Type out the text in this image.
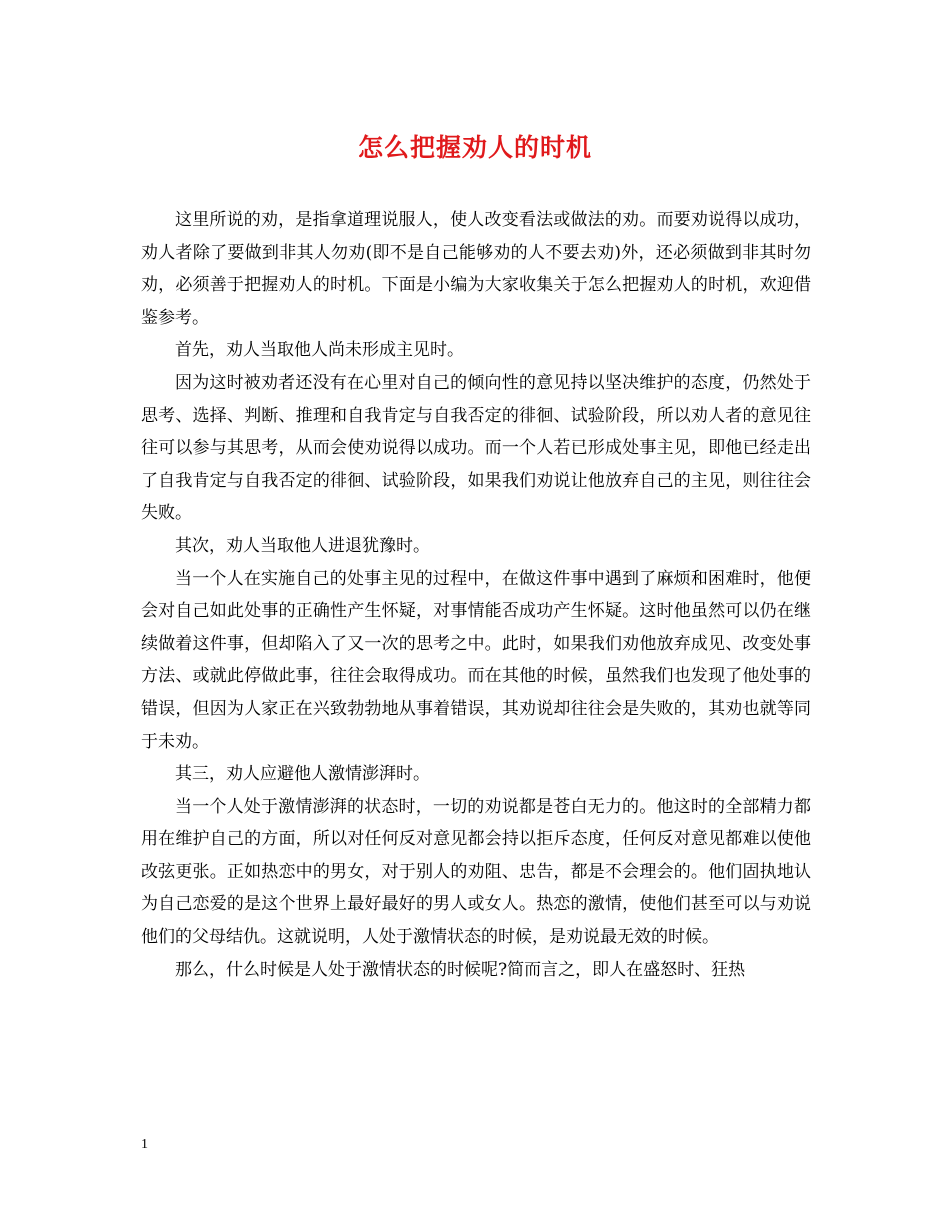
怎么把握劝人的时机

这里所说的劝，是指拿道理说服人，使人改变看法或做法的劝。而要劝说得以成功，劝人者除了要做到非其人勿劝(即不是自己能够劝的人不要去劝)外，还必须做到非其时勿劝，必须善于把握劝人的时机。下面是小编为大家收集关于怎么把握劝人的时机，欢迎借鉴参考。

首先，劝人当取他人尚未形成主见时。

因为这时被劝者还没有在心里对自己的倾向性的意见持以坚决维护的态度，仍然处于思考、选择、判断、推理和自我肯定与自我否定的徘徊、试验阶段，所以劝人者的意见往往可以参与其思考，从而会使劝说得以成功。而一个人若已形成处事主见，即他已经走出了自我肯定与自我否定的徘徊、试验阶段，如果我们劝说让他放弃自己的主见，则往往会失败。

其次，劝人当取他人进退犹豫时。

当一个人在实施自己的处事主见的过程中，在做这件事中遇到了麻烦和困难时，他便会对自己如此处事的正确性产生怀疑，对事情能否成功产生怀疑。这时他虽然可以仍在继续做着这件事，但却陷入了又一次的思考之中。此时，如果我们劝他放弃成见、改变处事方法、或就此停做此事，往往会取得成功。而在其他的时候，虽然我们也发现了他处事的错误，但因为人家正在兴致勃勃地从事着错误，其劝说却往往会是失败的，其劝也就等同于未劝。

其三，劝人应避他人激情澎湃时。

当一个人处于激情澎湃的状态时，一切的劝说都是苍白无力的。他这时的全部精力都用在维护自己的方面，所以对任何反对意见都会持以拒斥态度，任何反对意见都难以使他改弦更张。正如热恋中的男女，对于别人的劝阻、忠告，都是不会理会的。他们固执地认为自己恋爱的是这个世界上最好最好的男人或女人。热恋的激情，使他们甚至可以与劝说他们的父母结仇。这就说明，人处于激情状态的时候，是劝说最无效的时候。

那么，什么时候是人处于激情状态的时候呢?简而言之，即人在盛怒时、狂热

1
